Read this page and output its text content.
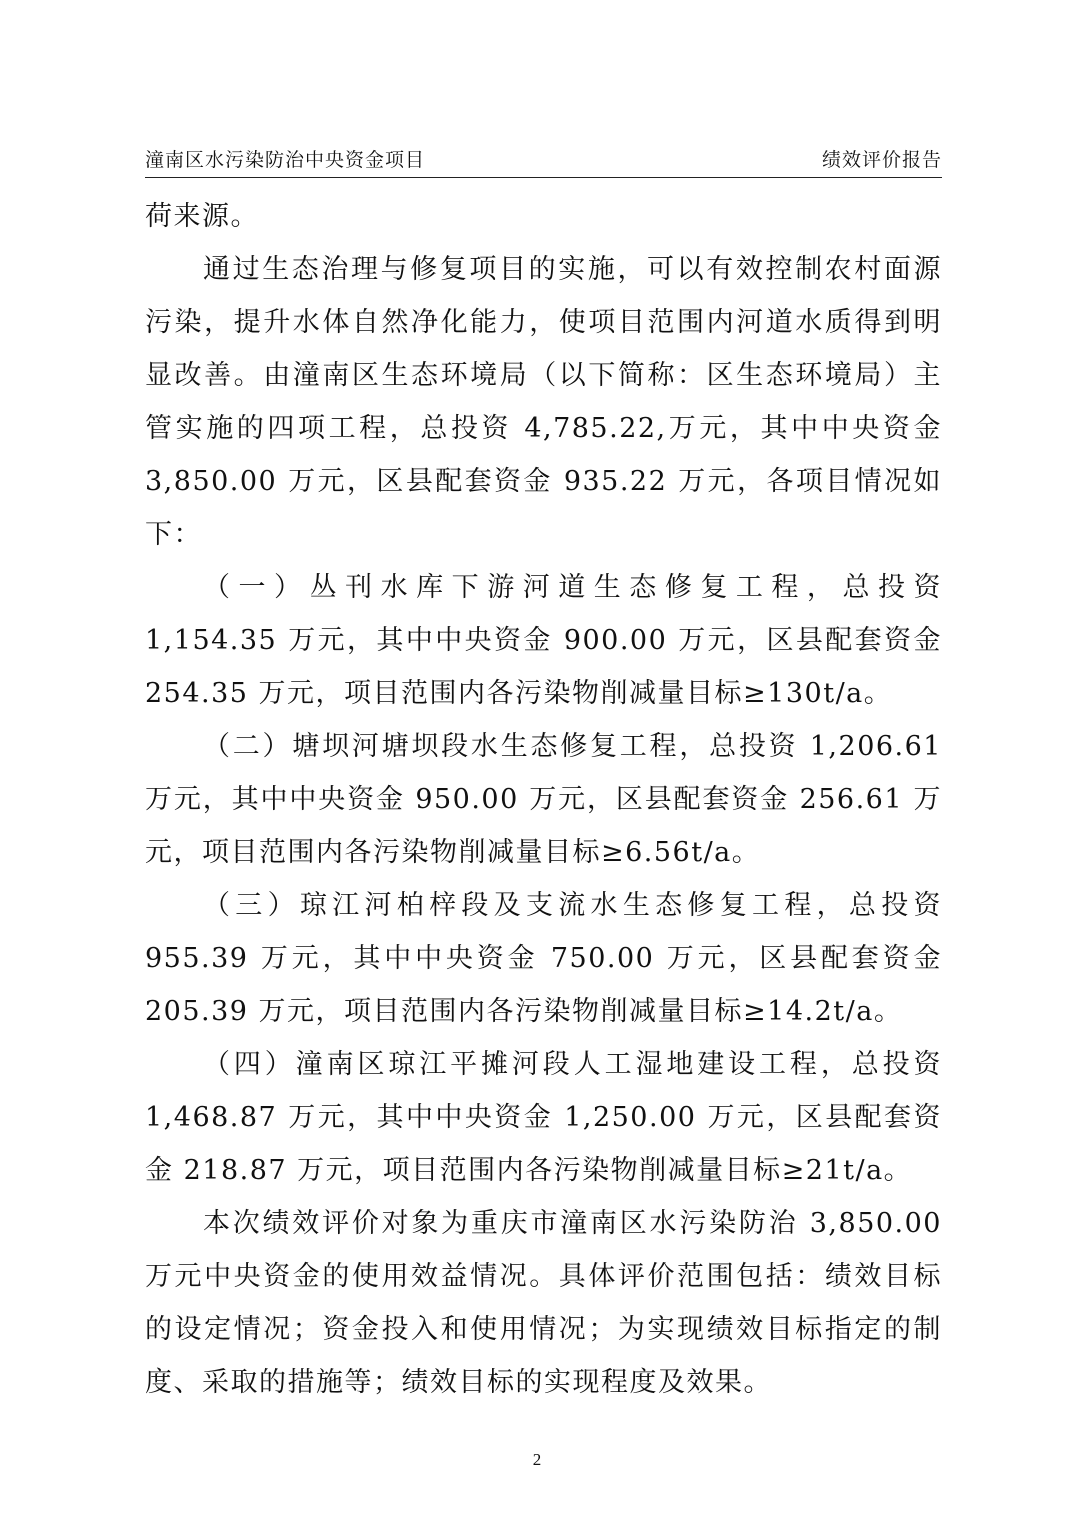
潼南区水污染防治中央资金项目	绩效评价报告

荷来源。

通过生态治理与修复项目的实施，可以有效控制农村面源污染，提升水体自然净化能力，使项目范围内河道水质得到明显改善。由潼南区生态环境局（以下简称：区生态环境局）主管实施的四项工程，总投资 4,785.22,万元，其中中央资金 3,850.00 万元，区县配套资金 935.22 万元，各项目情况如下：

（一）丛刊水库下游河道生态修复工程，总投资 1,154.35 万元，其中中央资金 900.00 万元，区县配套资金 254.35 万元，项目范围内各污染物削减量目标≥130t/a。

（二）塘坝河塘坝段水生态修复工程，总投资 1,206.61 万元，其中中央资金 950.00 万元，区县配套资金 256.61 万元，项目范围内各污染物削减量目标≥6.56t/a。

（三）琼江河柏梓段及支流水生态修复工程，总投资 955.39 万元，其中中央资金 750.00 万元，区县配套资金 205.39 万元，项目范围内各污染物削减量目标≥14.2t/a。

（四）潼南区琼江平摊河段人工湿地建设工程，总投资 1,468.87 万元，其中中央资金 1,250.00 万元，区县配套资金 218.87 万元，项目范围内各污染物削减量目标≥21t/a。

本次绩效评价对象为重庆市潼南区水污染防治 3,850.00 万元中央资金的使用效益情况。具体评价范围包括：绩效目标的设定情况；资金投入和使用情况；为实现绩效目标指定的制度、采取的措施等；绩效目标的实现程度及效果。

2
